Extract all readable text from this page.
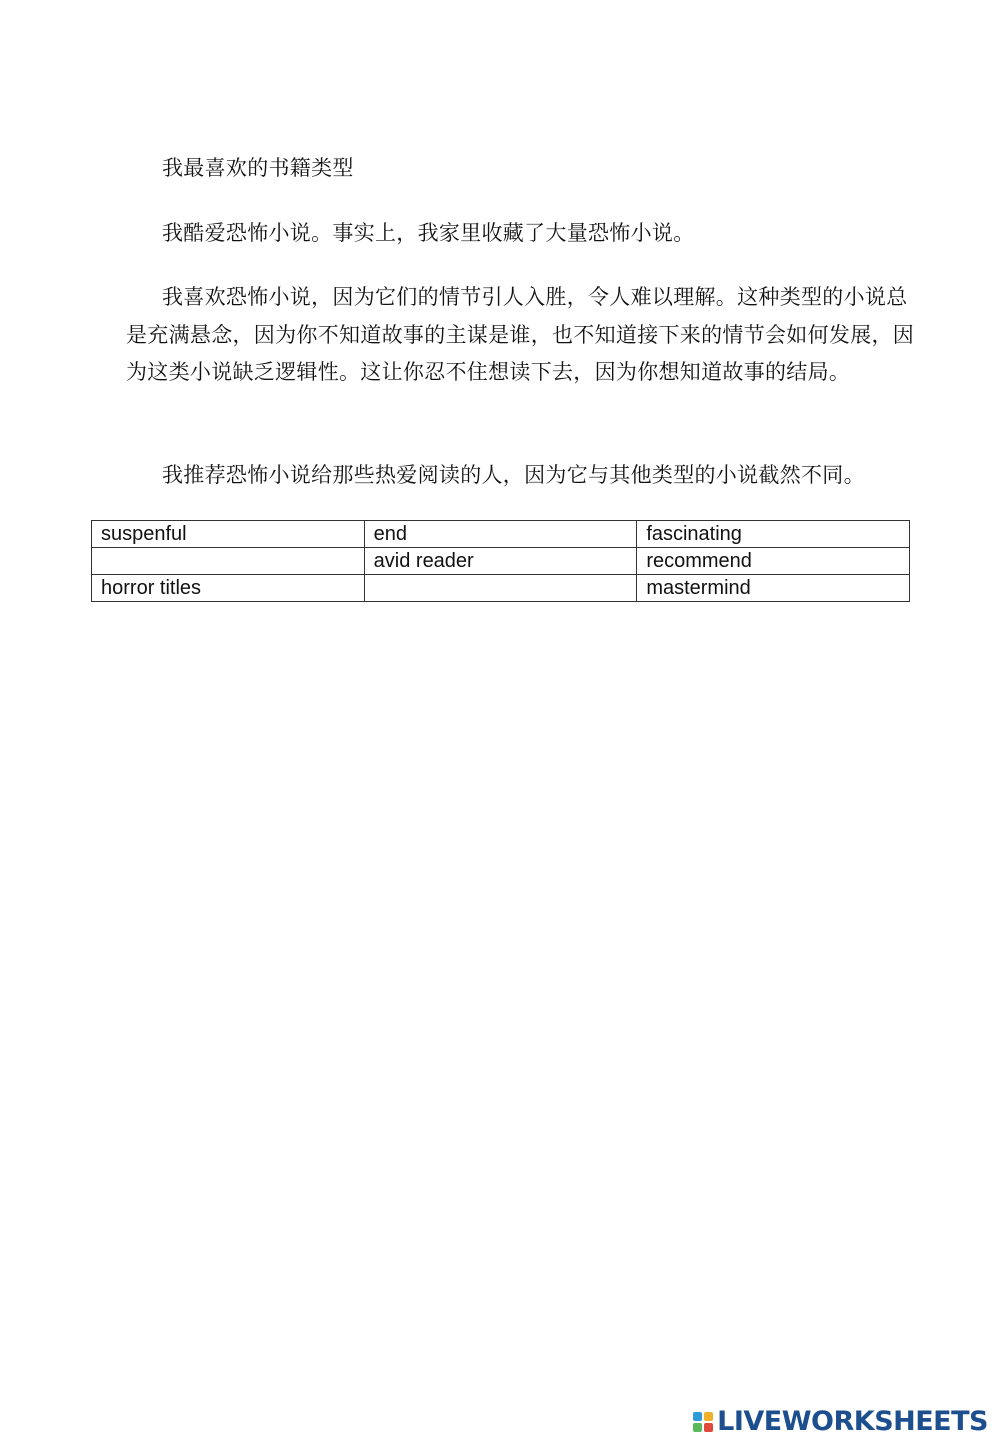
我最喜欢的书籍类型

我酷爱恐怖小说。事实上，我家里收藏了大量恐怖小说。

我喜欢恐怖小说，因为它们的情节引人入胜，令人难以理解。这种类型的小说总是充满悬念，因为你不知道故事的主谋是谁，也不知道接下来的情节会如何发展，因为这类小说缺乏逻辑性。这让你忍不住想读下去，因为你想知道故事的结局。

我推荐恐怖小说给那些热爱阅读的人，因为它与其他类型的小说截然不同。

suspenful	end	fascinating
	avid reader	recommend
horror titles		mastermind
LIVEWORKSHEETS
